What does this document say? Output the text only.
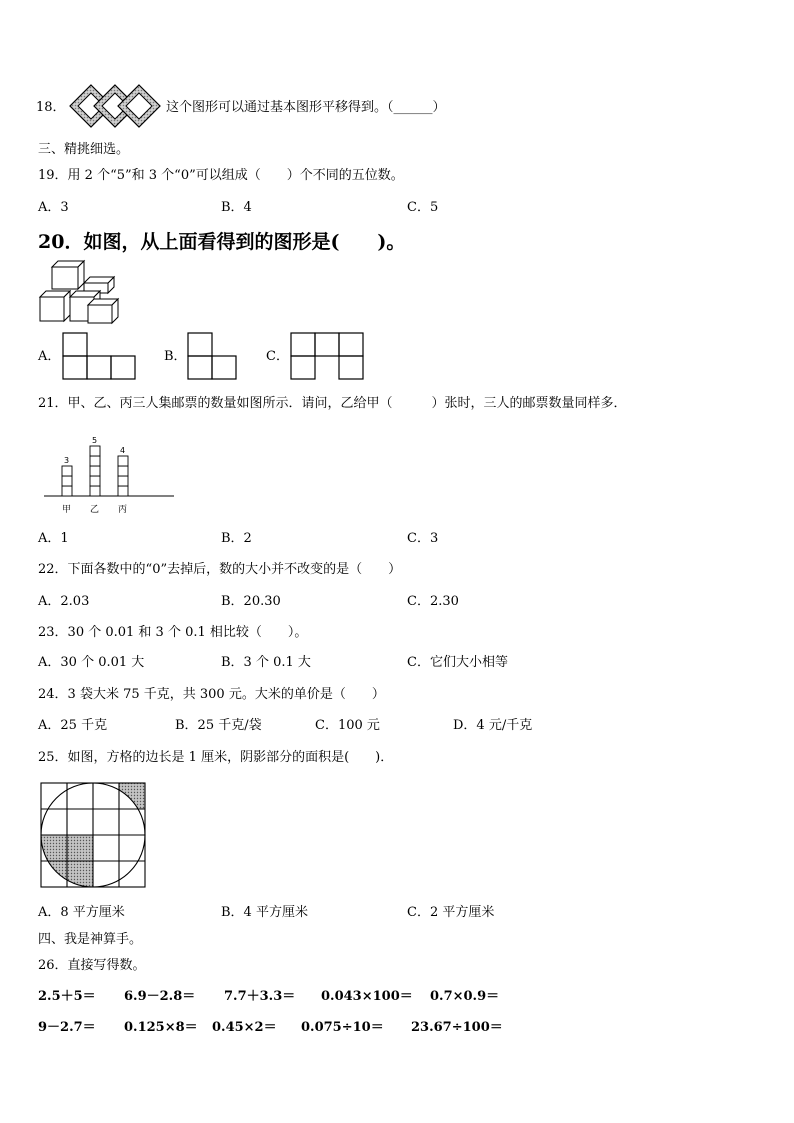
18．	这个图形可以通过基本图形平移得到。（______）
三、精挑细选。
19．用 2 个“5”和 3 个“0”可以组成（　　）个不同的五位数。
A．3	B．4	C．5
20．如图，从上面看得到的图形是(　　)。
A．	B．	C．
21．甲、乙、丙三人集邮票的数量如图所示．请问，乙给甲（　　　）张时，三人的邮票数量同样多．
3
甲
5
乙
4
丙
A．1	B．2	C．3
22．下面各数中的“0”去掉后，数的大小并不改变的是（　　）
A．2.03	B．20.30	C．2.30
23．30 个 0.01 和 3 个 0.1 相比较（　　）。
A．30 个 0.01 大	B．3 个 0.1 大	C．它们大小相等
24．3 袋大米 75 千克，共 300 元。大米的单价是（　　）
A．25 千克	B．25 千克/袋	C．100 元	D．4 元/千克
25．如图，方格的边长是 1 厘米，阴影部分的面积是(　　)．
A．8 平方厘米	B．4 平方厘米	C．2 平方厘米
四、我是神算手。
26．直接写得数。
2.5＋5＝ 6.9－2.8＝ 7.7＋3.3＝ 0.043×100＝ 0.7×0.9＝
9－2.7＝ 0.125×8＝ 0.45×2＝ 0.075÷10＝ 23.67÷100＝
